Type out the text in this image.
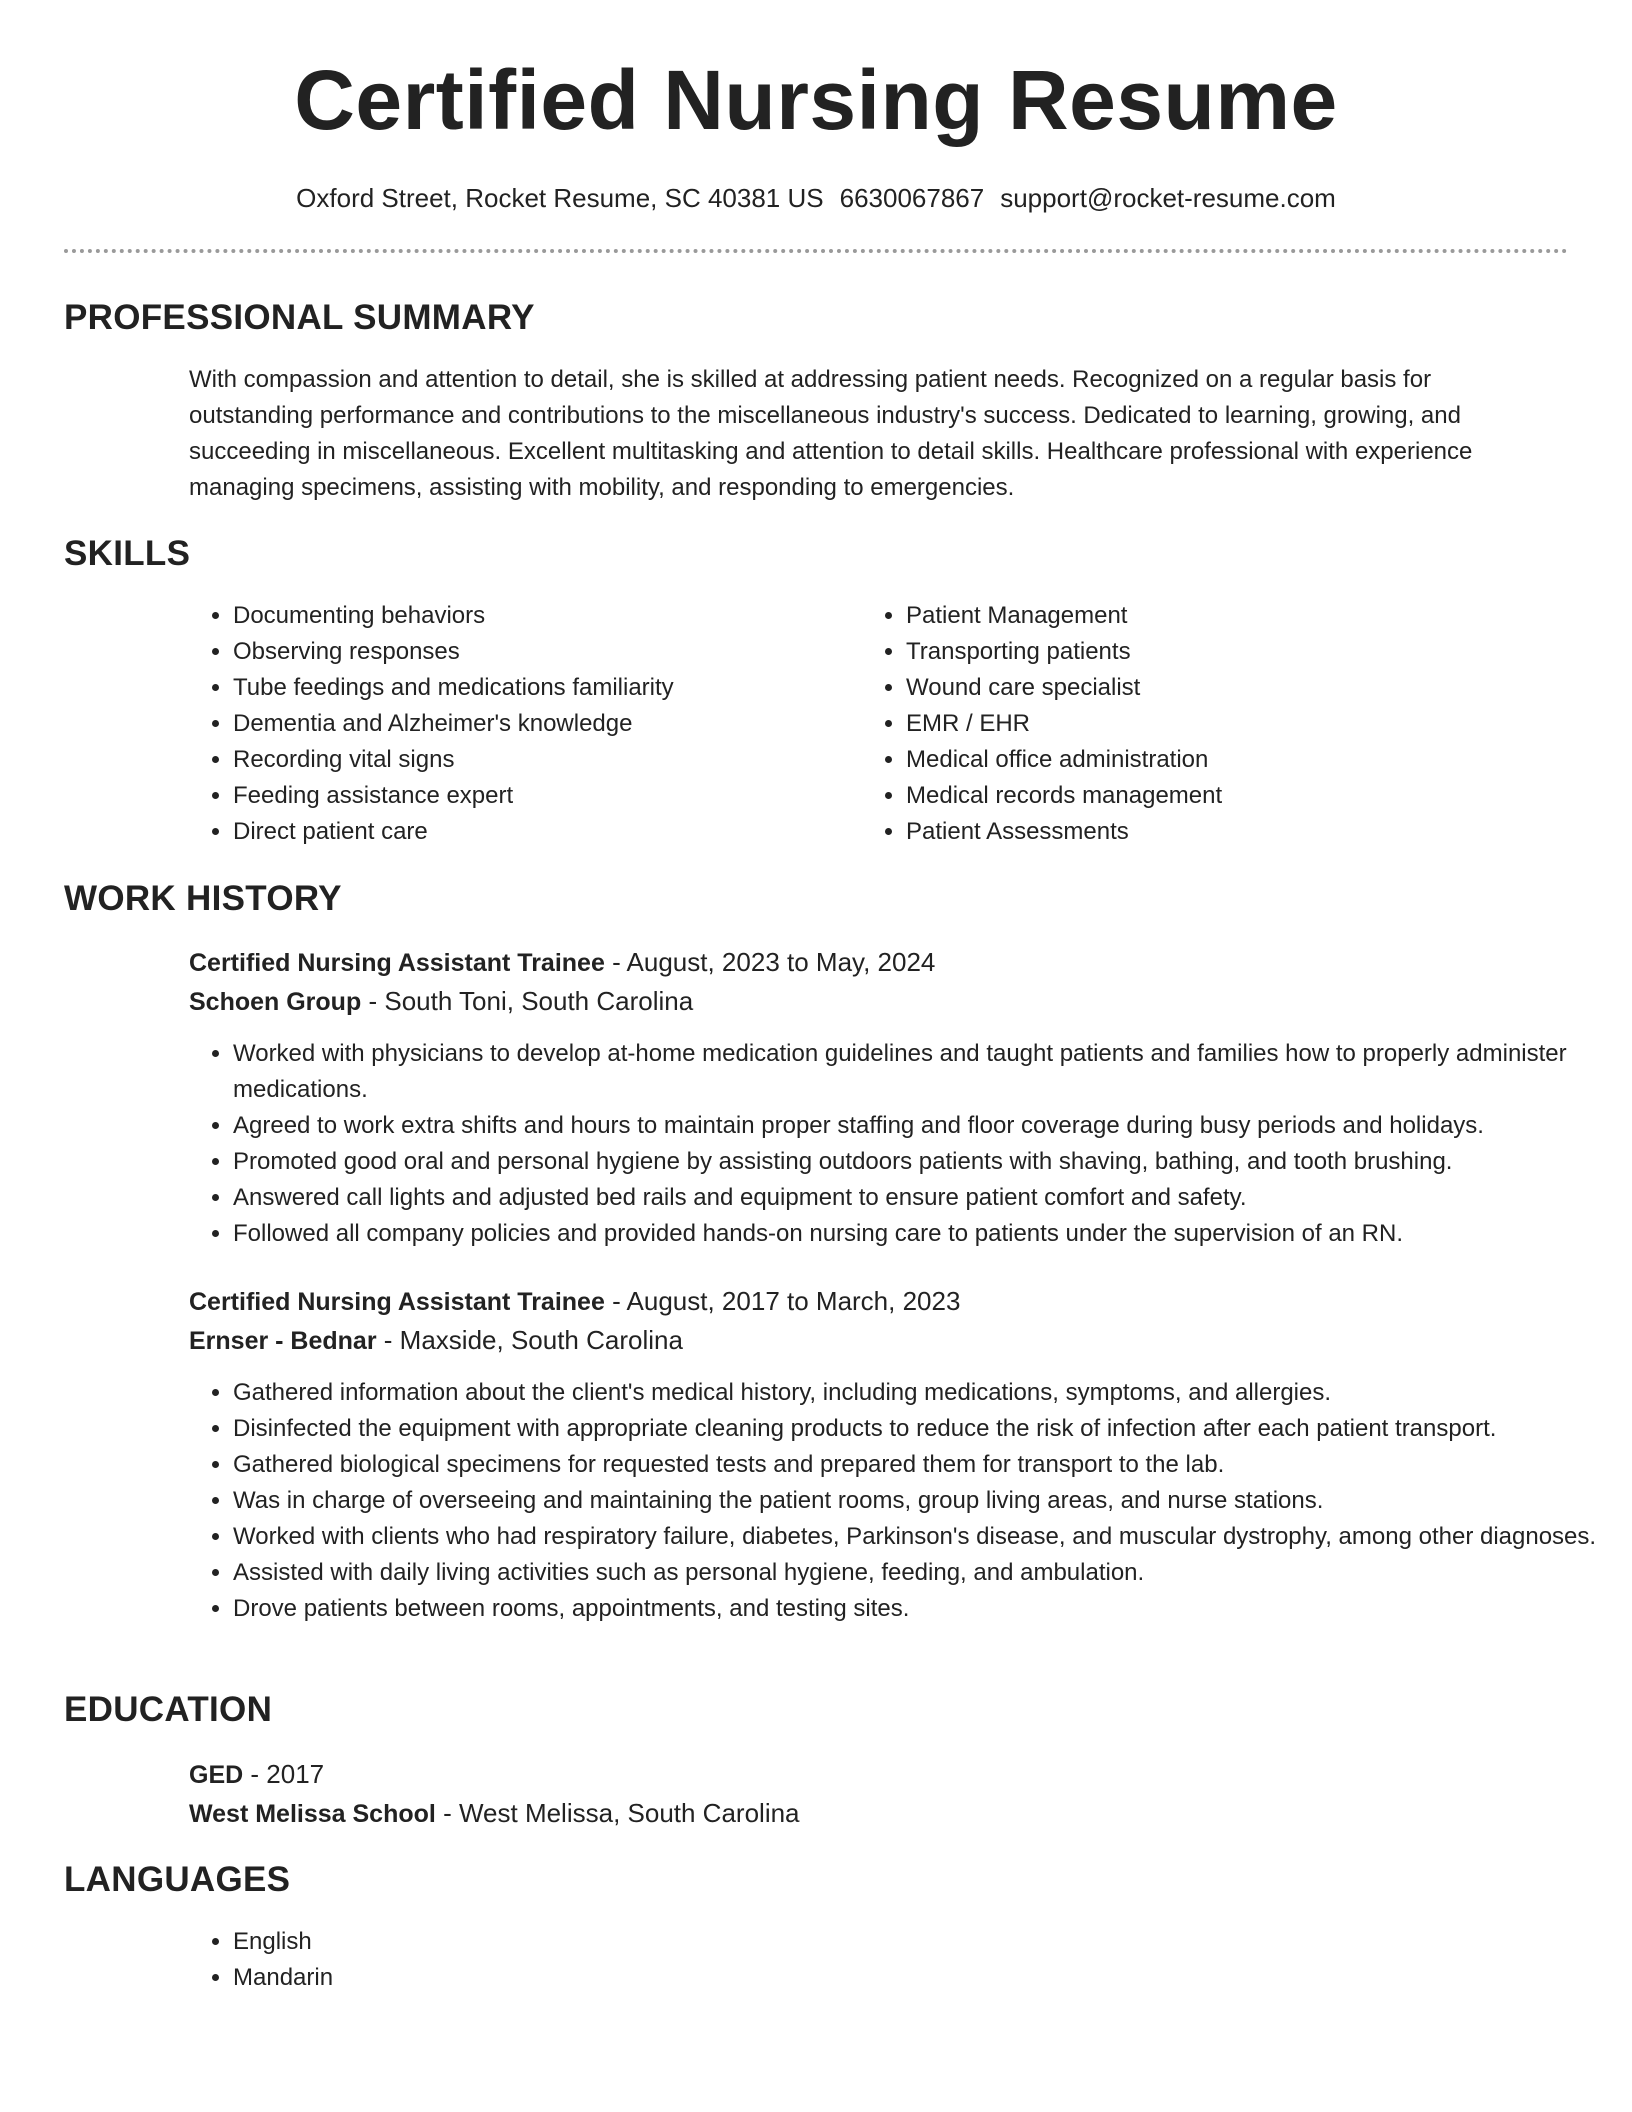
Certified Nursing Resume
Oxford Street, Rocket Resume, SC 40381 US 6630067867 support@rocket-resume.com
PROFESSIONAL SUMMARY

With compassion and attention to detail, she is skilled at addressing patient needs. Recognized on a regular basis for outstanding performance and contributions to the miscellaneous industry's success. Dedicated to learning, growing, and succeeding in miscellaneous. Excellent multitasking and attention to detail skills. Healthcare professional with experience managing specimens, assisting with mobility, and responding to emergencies.

SKILLS
• Documenting behaviors
• Observing responses
• Tube feedings and medications familiarity
• Dementia and Alzheimer's knowledge
• Recording vital signs
• Feeding assistance expert
• Direct patient care
• Patient Management
• Transporting patients
• Wound care specialist
• EMR / EHR
• Medical office administration
• Medical records management
• Patient Assessments
WORK HISTORY
Certified Nursing Assistant Trainee - August, 2023 to May, 2024
Schoen Group - South Toni, South Carolina
• Worked with physicians to develop at-home medication guidelines and taught patients and families how to properly administer medications.
• Agreed to work extra shifts and hours to maintain proper staffing and floor coverage during busy periods and holidays.
• Promoted good oral and personal hygiene by assisting outdoors patients with shaving, bathing, and tooth brushing.
• Answered call lights and adjusted bed rails and equipment to ensure patient comfort and safety.
• Followed all company policies and provided hands-on nursing care to patients under the supervision of an RN.
Certified Nursing Assistant Trainee - August, 2017 to March, 2023
Ernser - Bednar - Maxside, South Carolina
• Gathered information about the client's medical history, including medications, symptoms, and allergies.
• Disinfected the equipment with appropriate cleaning products to reduce the risk of infection after each patient transport.
• Gathered biological specimens for requested tests and prepared them for transport to the lab.
• Was in charge of overseeing and maintaining the patient rooms, group living areas, and nurse stations.
• Worked with clients who had respiratory failure, diabetes, Parkinson's disease, and muscular dystrophy, among other diagnoses.
• Assisted with daily living activities such as personal hygiene, feeding, and ambulation.
• Drove patients between rooms, appointments, and testing sites.
EDUCATION
GED - 2017
West Melissa School - West Melissa, South Carolina
LANGUAGES
• English
• Mandarin
